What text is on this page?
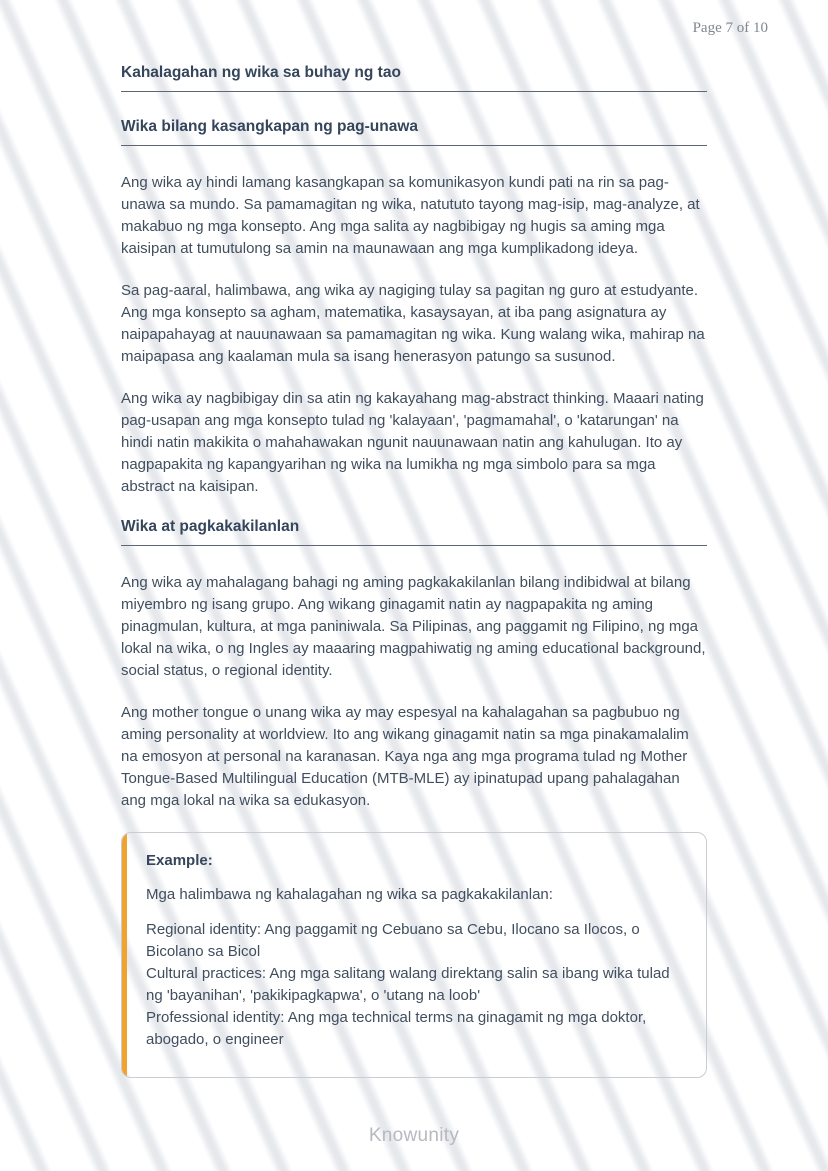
Page 7 of 10
Kahalagahan ng wika sa buhay ng tao
Wika bilang kasangkapan ng pag-unawa

Ang wika ay hindi lamang kasangkapan sa komunikasyon kundi pati na rin sa pag-unawa sa mundo. Sa pamamagitan ng wika, natututo tayong mag-isip, mag-analyze, at makabuo ng mga konsepto. Ang mga salita ay nagbibigay ng hugis sa aming mga kaisipan at tumutulong sa amin na maunawaan ang mga kumplikadong ideya.

Sa pag-aaral, halimbawa, ang wika ay nagiging tulay sa pagitan ng guro at estudyante. Ang mga konsepto sa agham, matematika, kasaysayan, at iba pang asignatura ay naipapahayag at nauunawaan sa pamamagitan ng wika. Kung walang wika, mahirap na maipapasa ang kaalaman mula sa isang henerasyon patungo sa susunod.

Ang wika ay nagbibigay din sa atin ng kakayahang mag-abstract thinking. Maaari nating pag-usapan ang mga konsepto tulad ng 'kalayaan', 'pagmamahal', o 'katarungan' na hindi natin makikita o mahahawakan ngunit nauunawaan natin ang kahulugan. Ito ay nagpapakita ng kapangyarihan ng wika na lumikha ng mga simbolo para sa mga abstract na kaisipan.

Wika at pagkakakilanlan

Ang wika ay mahalagang bahagi ng aming pagkakakilanlan bilang indibidwal at bilang miyembro ng isang grupo. Ang wikang ginagamit natin ay nagpapakita ng aming pinagmulan, kultura, at mga paniniwala. Sa Pilipinas, ang paggamit ng Filipino, ng mga lokal na wika, o ng Ingles ay maaaring magpahiwatig ng aming educational background, social status, o regional identity.

Ang mother tongue o unang wika ay may espesyal na kahalagahan sa pagbubuo ng aming personality at worldview. Ito ang wikang ginagamit natin sa mga pinakamalalim na emosyon at personal na karanasan. Kaya nga ang mga programa tulad ng Mother Tongue-Based Multilingual Education (MTB-MLE) ay ipinatupad upang pahalagahan ang mga lokal na wika sa edukasyon.

Example:

Mga halimbawa ng kahalagahan ng wika sa pagkakakilanlan:

Regional identity: Ang paggamit ng Cebuano sa Cebu, Ilocano sa Ilocos, o Bicolano sa Bicol

Cultural practices: Ang mga salitang walang direktang salin sa ibang wika tulad ng 'bayanihan', 'pakikipagkapwa', o 'utang na loob'

Professional identity: Ang mga technical terms na ginagamit ng mga doktor, abogado, o engineer

Knowunity
